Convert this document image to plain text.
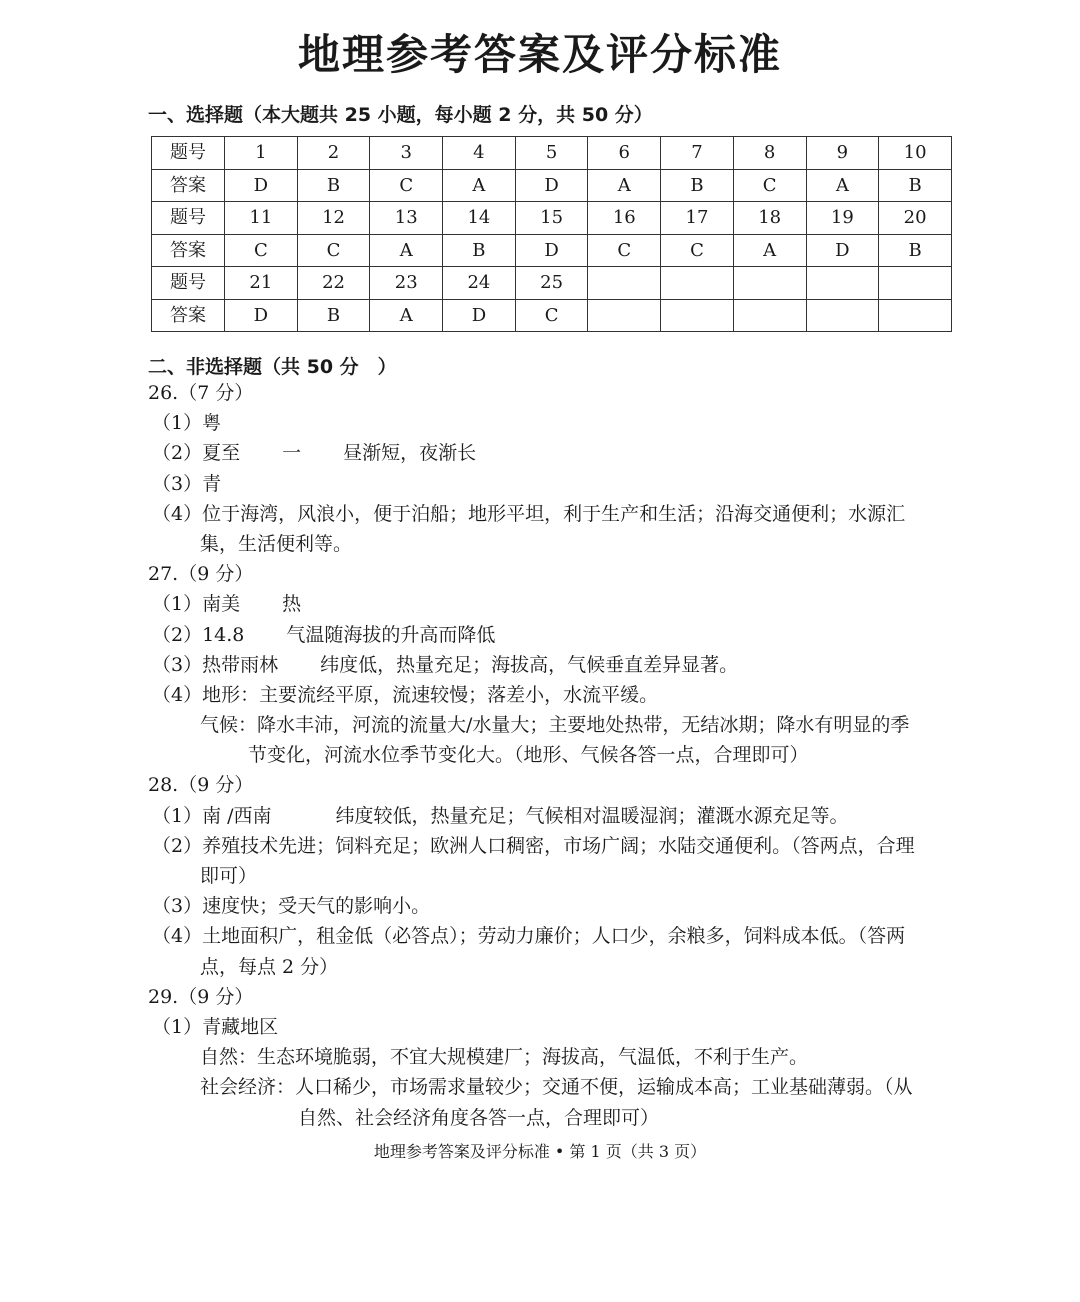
地理参考答案及评分标准
一、选择题（本大题共 25 小题，每小题 2 分，共 50 分）
题号	1	2	3	4	5	6	7	8	9	10
答案	D	B	C	A	D	A	B	C	A	B
题号	11	12	13	14	15	16	17	18	19	20
答案	C	C	A	B	D	C	C	A	D	B
题号	21	22	23	24	25					
答案	D	B	A	D	C					
二、非选择题（共 50 分　）
26.（7 分）
（1）粤
（2）夏至 一 昼渐短，夜渐长
（3）青
（4）位于海湾，风浪小，便于泊船；地形平坦，利于生产和生活；沿海交通便利；水源汇
集，生活便利等。
27.（9 分）
（1）南美 热
（2）14.8 气温随海拔的升高而降低
（3）热带雨林 纬度低，热量充足；海拔高，气候垂直差异显著。
（4）地形：主要流经平原，流速较慢；落差小，水流平缓。
气候：降水丰沛，河流的流量大/水量大；主要地处热带，无结冰期；降水有明显的季
节变化，河流水位季节变化大。（地形、气候各答一点，合理即可）
28.（9 分）
（1）南 /西南	纬度较低，热量充足；气候相对温暖湿润；灌溉水源充足等。
（2）养殖技术先进；饲料充足；欧洲人口稠密，市场广阔；水陆交通便利。（答两点，合理
即可）
（3）速度快；受天气的影响小。
（4）土地面积广，租金低（必答点）；劳动力廉价；人口少，余粮多，饲料成本低。（答两
点，每点 2 分）
29.（9 分）
（1）青藏地区
自然：生态环境脆弱，不宜大规模建厂；海拔高，气温低，不利于生产。
社会经济：人口稀少，市场需求量较少；交通不便，运输成本高；工业基础薄弱。（从
自然、社会经济角度各答一点，合理即可）
地理参考答案及评分标准 • 第 1 页（共 3 页）
